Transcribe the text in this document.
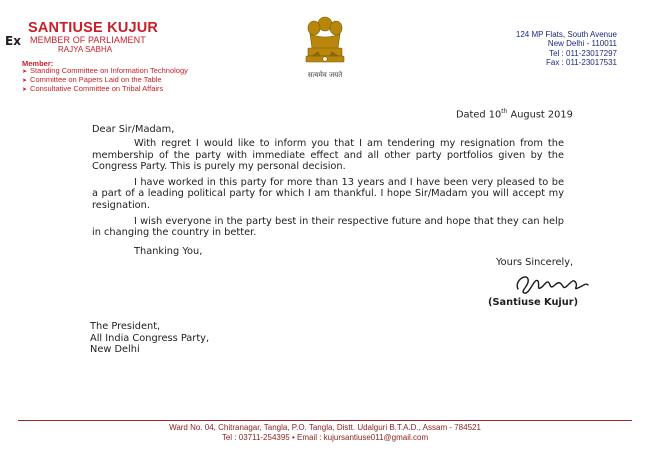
Ex
SANTIUSE KUJUR
MEMBER OF PARLIAMENT
RAJYA SABHA
Member:
➤ Standing Committee on Information Technology
➤ Committee on Papers Laid on the Table
➤ Consultative Committee on Tribal Affairs
सत्यमेव जयते
124 MP Flats, South Avenue
New Delhi - 110011
Tel : 011-23017297
Fax : 011-23017531
Dated 10th August 2019
Dear Sir/Madam,

With regret I would like to inform you that I am tendering my resignation from the membership of the party with immediate effect and all other party portfolios given by the Congress Party. This is purely my personal decision.

I have worked in this party for more than 13 years and I have been very pleased to be a part of a leading political party for which I am thankful. I hope Sir/Madam you will accept my resignation.

I wish everyone in the party best in their respective future and hope that they can help in changing the country in better.

Thanking You,
Yours Sincerely,
(Santiuse Kujur)
The President,
All India Congress Party,
New Delhi
Ward No. 04, Chitranagar, Tangla, P.O. Tangla, Distt. Udalguri B.T.A.D., Assam - 784521
Tel : 03711-254395 • Email : kujursantiuse011@gmail.com
